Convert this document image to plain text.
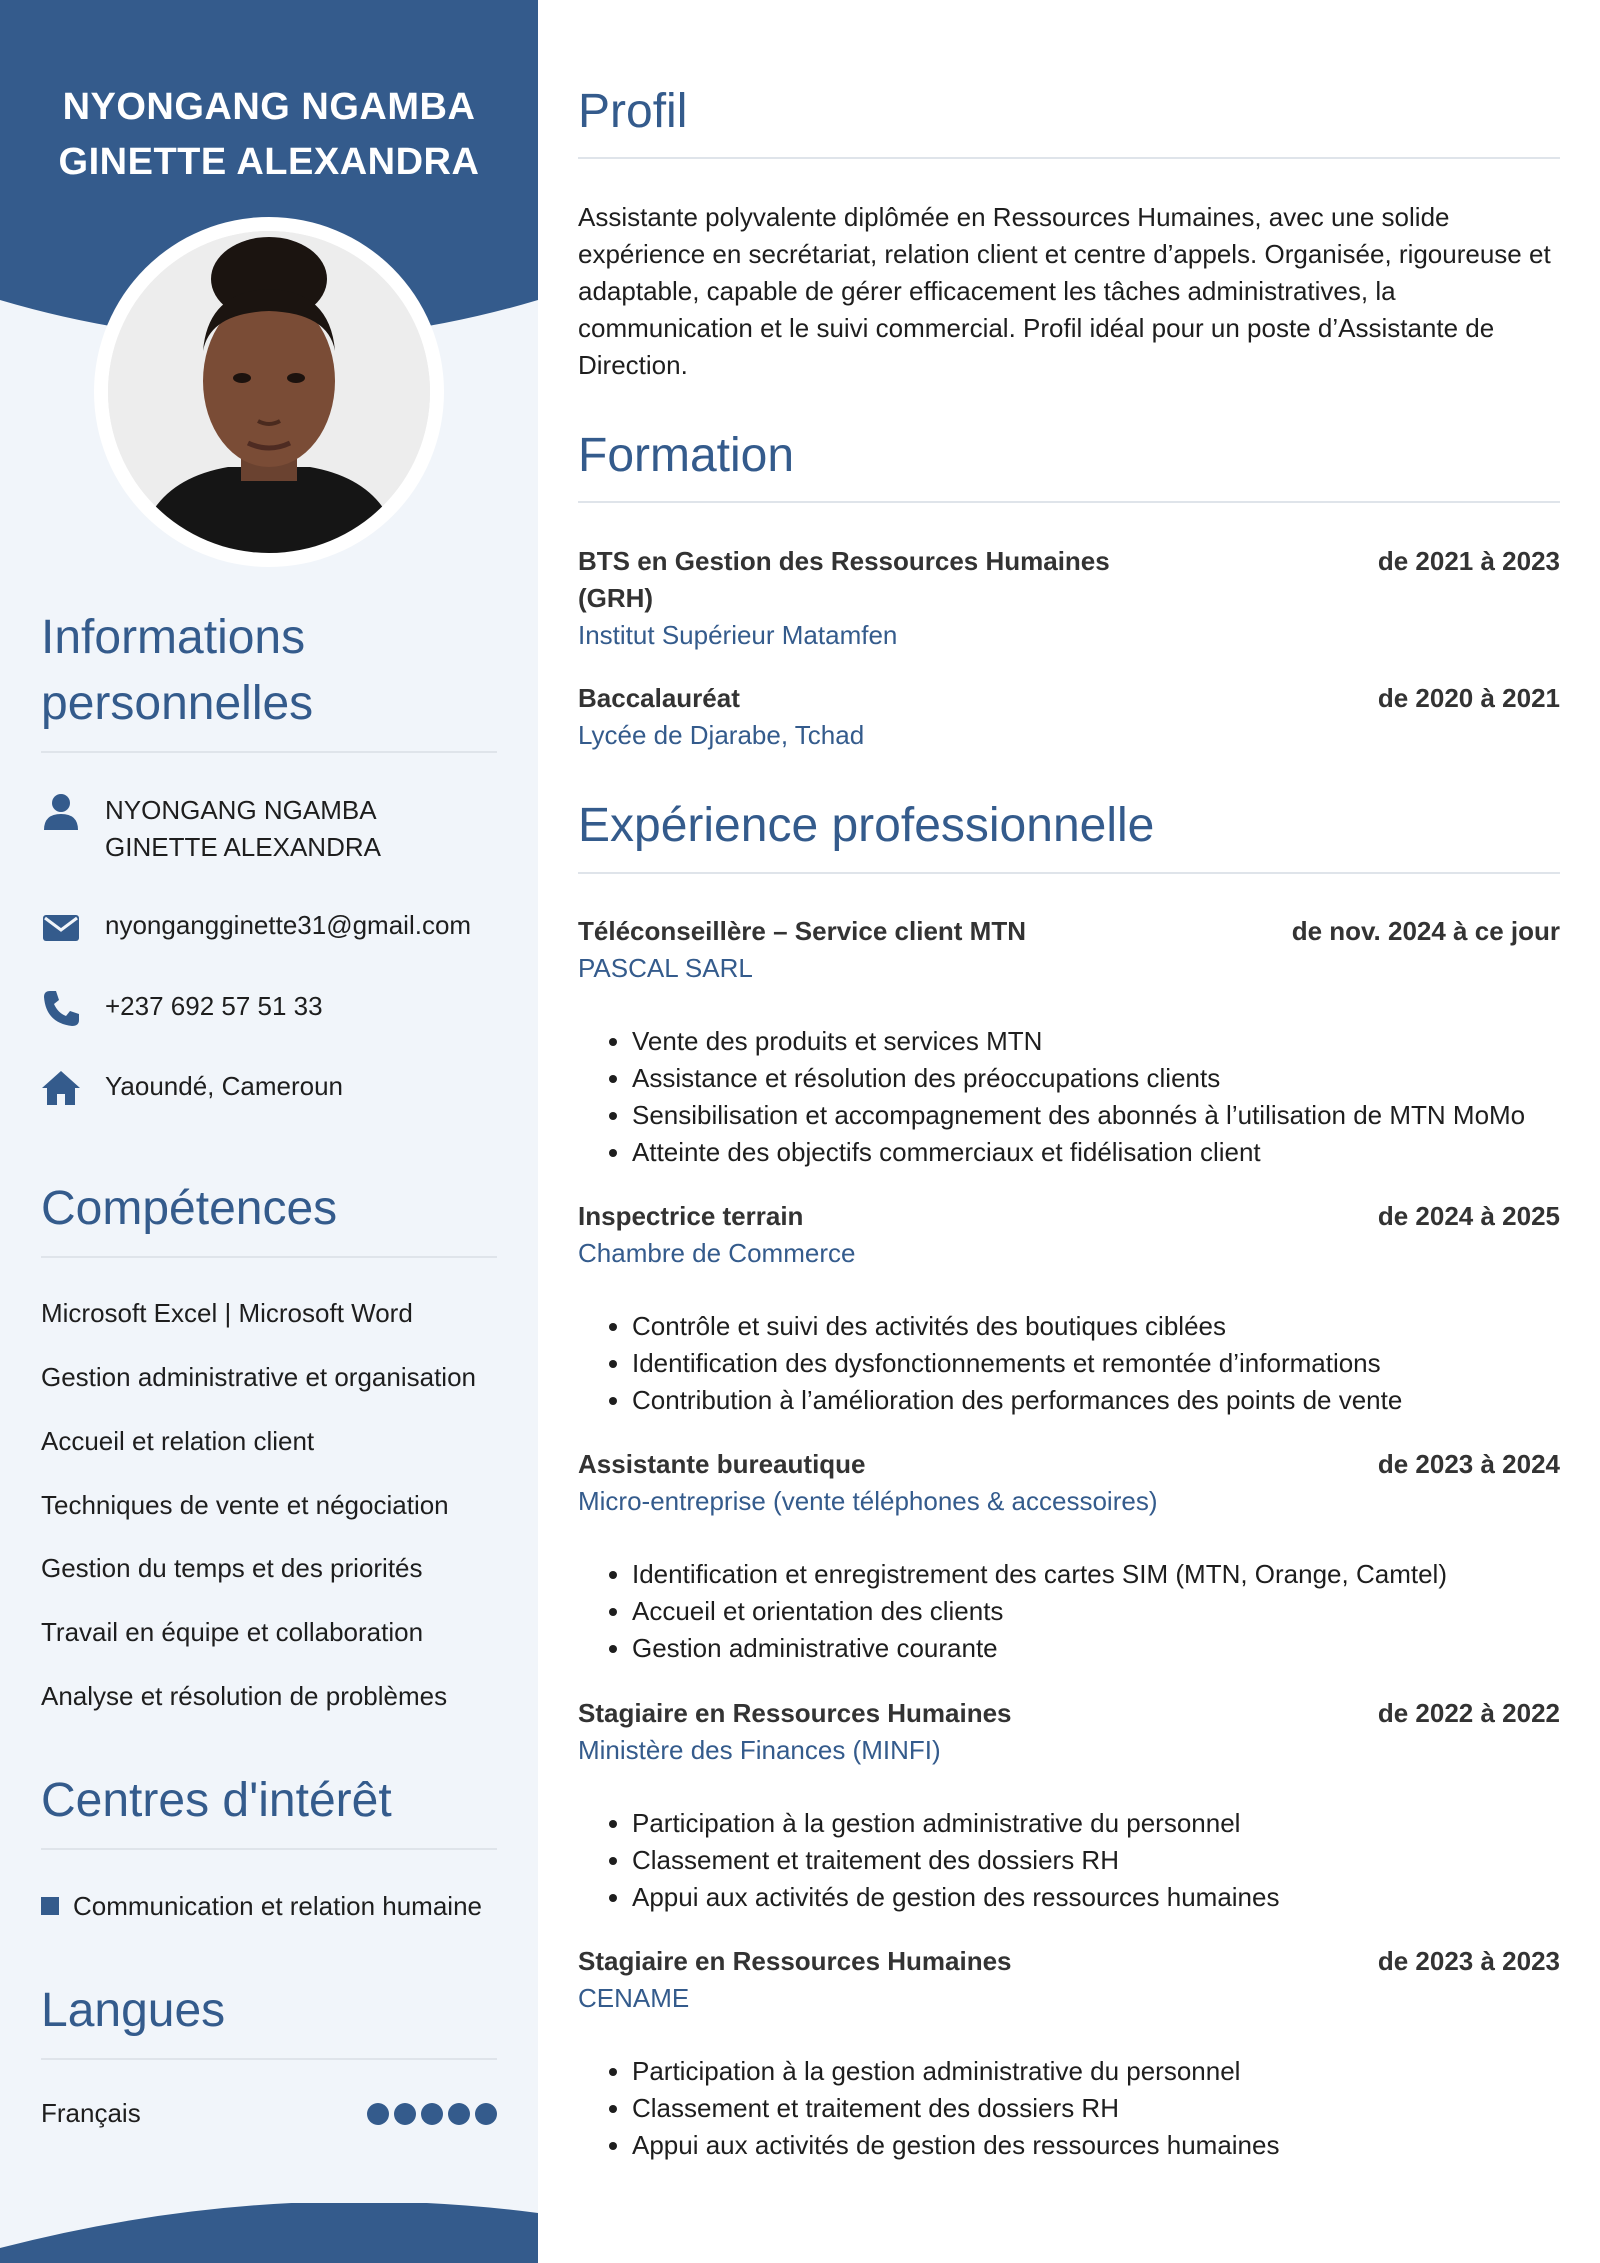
NYONGANG NGAMBA
GINETTE ALEXANDRA
Informations personnelles
NYONGANG NGAMBA
GINETTE ALEXANDRA
nyongangginette31@gmail.com
+237 692 57 51 33
Yaoundé, Cameroun
Compétences
Microsoft Excel | Microsoft Word
Gestion administrative et organisation
Accueil et relation client
Techniques de vente et négociation
Gestion du temps et des priorités
Travail en équipe et collaboration
Analyse et résolution de problèmes
Centres d'intérêt
Communication et relation humaine
Langues
Français
Profil

Assistante polyvalente diplômée en Ressources Humaines, avec une solide expérience en secrétariat, relation client et centre d’appels. Organisée, rigoureuse et adaptable, capable de gérer efficacement les tâches administratives, la communication et le suivi commercial. Profil idéal pour un poste d’Assistante de Direction.

Formation
BTS en Gestion des Ressources Humaines (GRH)
de 2021 à 2023
Institut Supérieur Matamfen
Baccalauréat	de 2020 à 2021
Lycée de Djarabe, Tchad
Expérience professionnelle
Téléconseillère – Service client MTN	de nov. 2024 à ce jour
PASCAL SARL
• Vente des produits et services MTN
• Assistance et résolution des préoccupations clients
• Sensibilisation et accompagnement des abonnés à l’utilisation de MTN MoMo
• Atteinte des objectifs commerciaux et fidélisation client
Inspectrice terrain	de 2024 à 2025
Chambre de Commerce
• Contrôle et suivi des activités des boutiques ciblées
• Identification des dysfonctionnements et remontée d’informations
• Contribution à l’amélioration des performances des points de vente
Assistante bureautique	de 2023 à 2024
Micro-entreprise (vente téléphones & accessoires)
• Identification et enregistrement des cartes SIM (MTN, Orange, Camtel)
• Accueil et orientation des clients
• Gestion administrative courante
Stagiaire en Ressources Humaines	de 2022 à 2022
Ministère des Finances (MINFI)
• Participation à la gestion administrative du personnel
• Classement et traitement des dossiers RH
• Appui aux activités de gestion des ressources humaines
Stagiaire en Ressources Humaines	de 2023 à 2023
CENAME
• Participation à la gestion administrative du personnel
• Classement et traitement des dossiers RH
• Appui aux activités de gestion des ressources humaines
